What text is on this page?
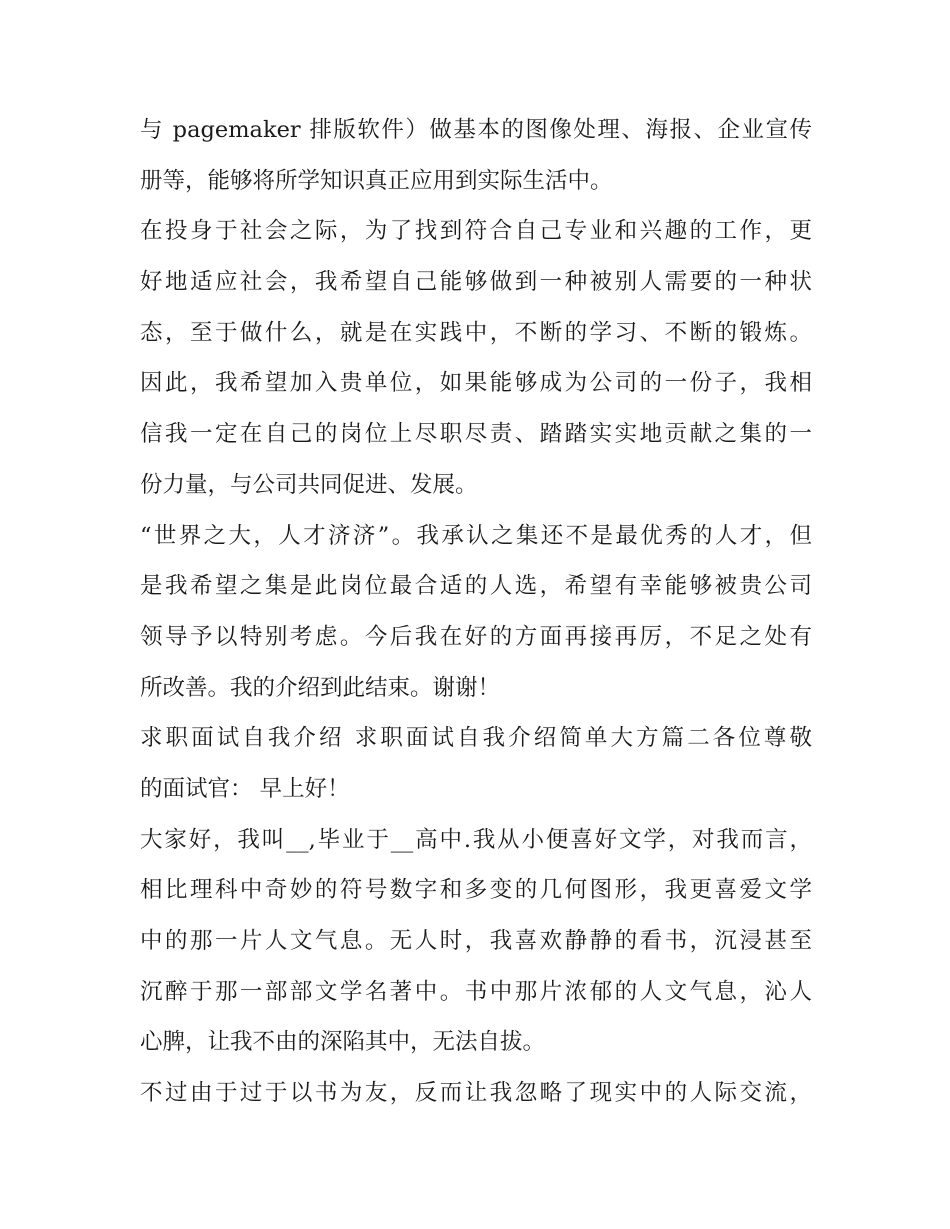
与 pagemaker 排版软件）做基本的图像处理、海报、企业宣传
册等，能够将所学知识真正应用到实际生活中。
在投身于社会之际，为了找到符合自己专业和兴趣的工作，更
好地适应社会，我希望自己能够做到一种被别人需要的一种状
态，至于做什么，就是在实践中，不断的学习、不断的锻炼。
因此，我希望加入贵单位，如果能够成为公司的一份子，我相
信我一定在自己的岗位上尽职尽责、踏踏实实地贡献之集的一
份力量，与公司共同促进、发展。
“世界之大，人才济济”。我承认之集还不是最优秀的人才，但
是我希望之集是此岗位最合适的人选，希望有幸能够被贵公司
领导予以特别考虑。今后我在好的方面再接再厉，不足之处有
所改善。我的介绍到此结束。谢谢！
求职面试自我介绍 求职面试自我介绍简单大方篇二各位尊敬
的面试官： 早上好！
大家好，我叫__,毕业于__高中.我从小便喜好文学，对我而言，
相比理科中奇妙的符号数字和多变的几何图形，我更喜爱文学
中的那一片人文气息。无人时，我喜欢静静的看书，沉浸甚至
沉醉于那一部部文学名著中。书中那片浓郁的人文气息，沁人
心脾，让我不由的深陷其中，无法自拔。
不过由于过于以书为友，反而让我忽略了现实中的人际交流，
